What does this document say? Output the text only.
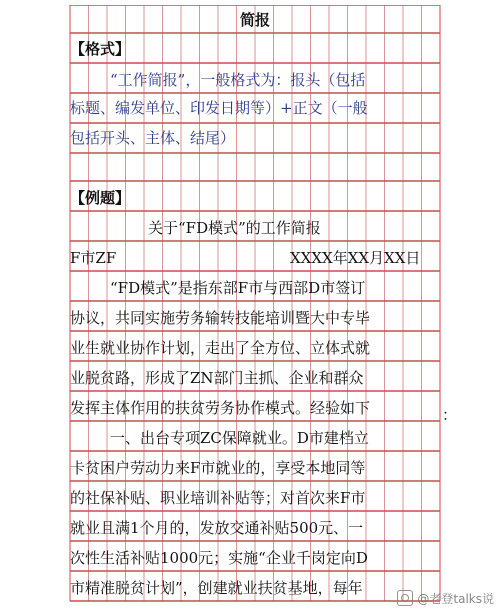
简报
【格式】
“工作简报”，一般格式为：报头（包括
标题、编发单位、印发日期等）+正文（一般
包括开头、主体、结尾）
【例题】
关于“FD模式”的工作简报
F市ZF	XXXX年XX月XX日
“FD模式”是指东部F市与西部D市签订
协议，共同实施劳务输转技能培训暨大中专毕
业生就业协作计划，走出了全方位、立体式就
业脱贫路，形成了ZN部门主抓、企业和群众
发挥主体作用的扶贫劳务协作模式。经验如下
一、出台专项ZC保障就业。D市建档立
卡贫困户劳动力来F市就业的，享受本地同等
的社保补贴、职业培训补贴等；对首次来F市
就业且满1个月的，发放交通补贴500元、一
次性生活补贴1000元；实施“企业千岗定向D
市精准脱贫计划”，创建就业扶贫基地，每年
：
@老登talks说
